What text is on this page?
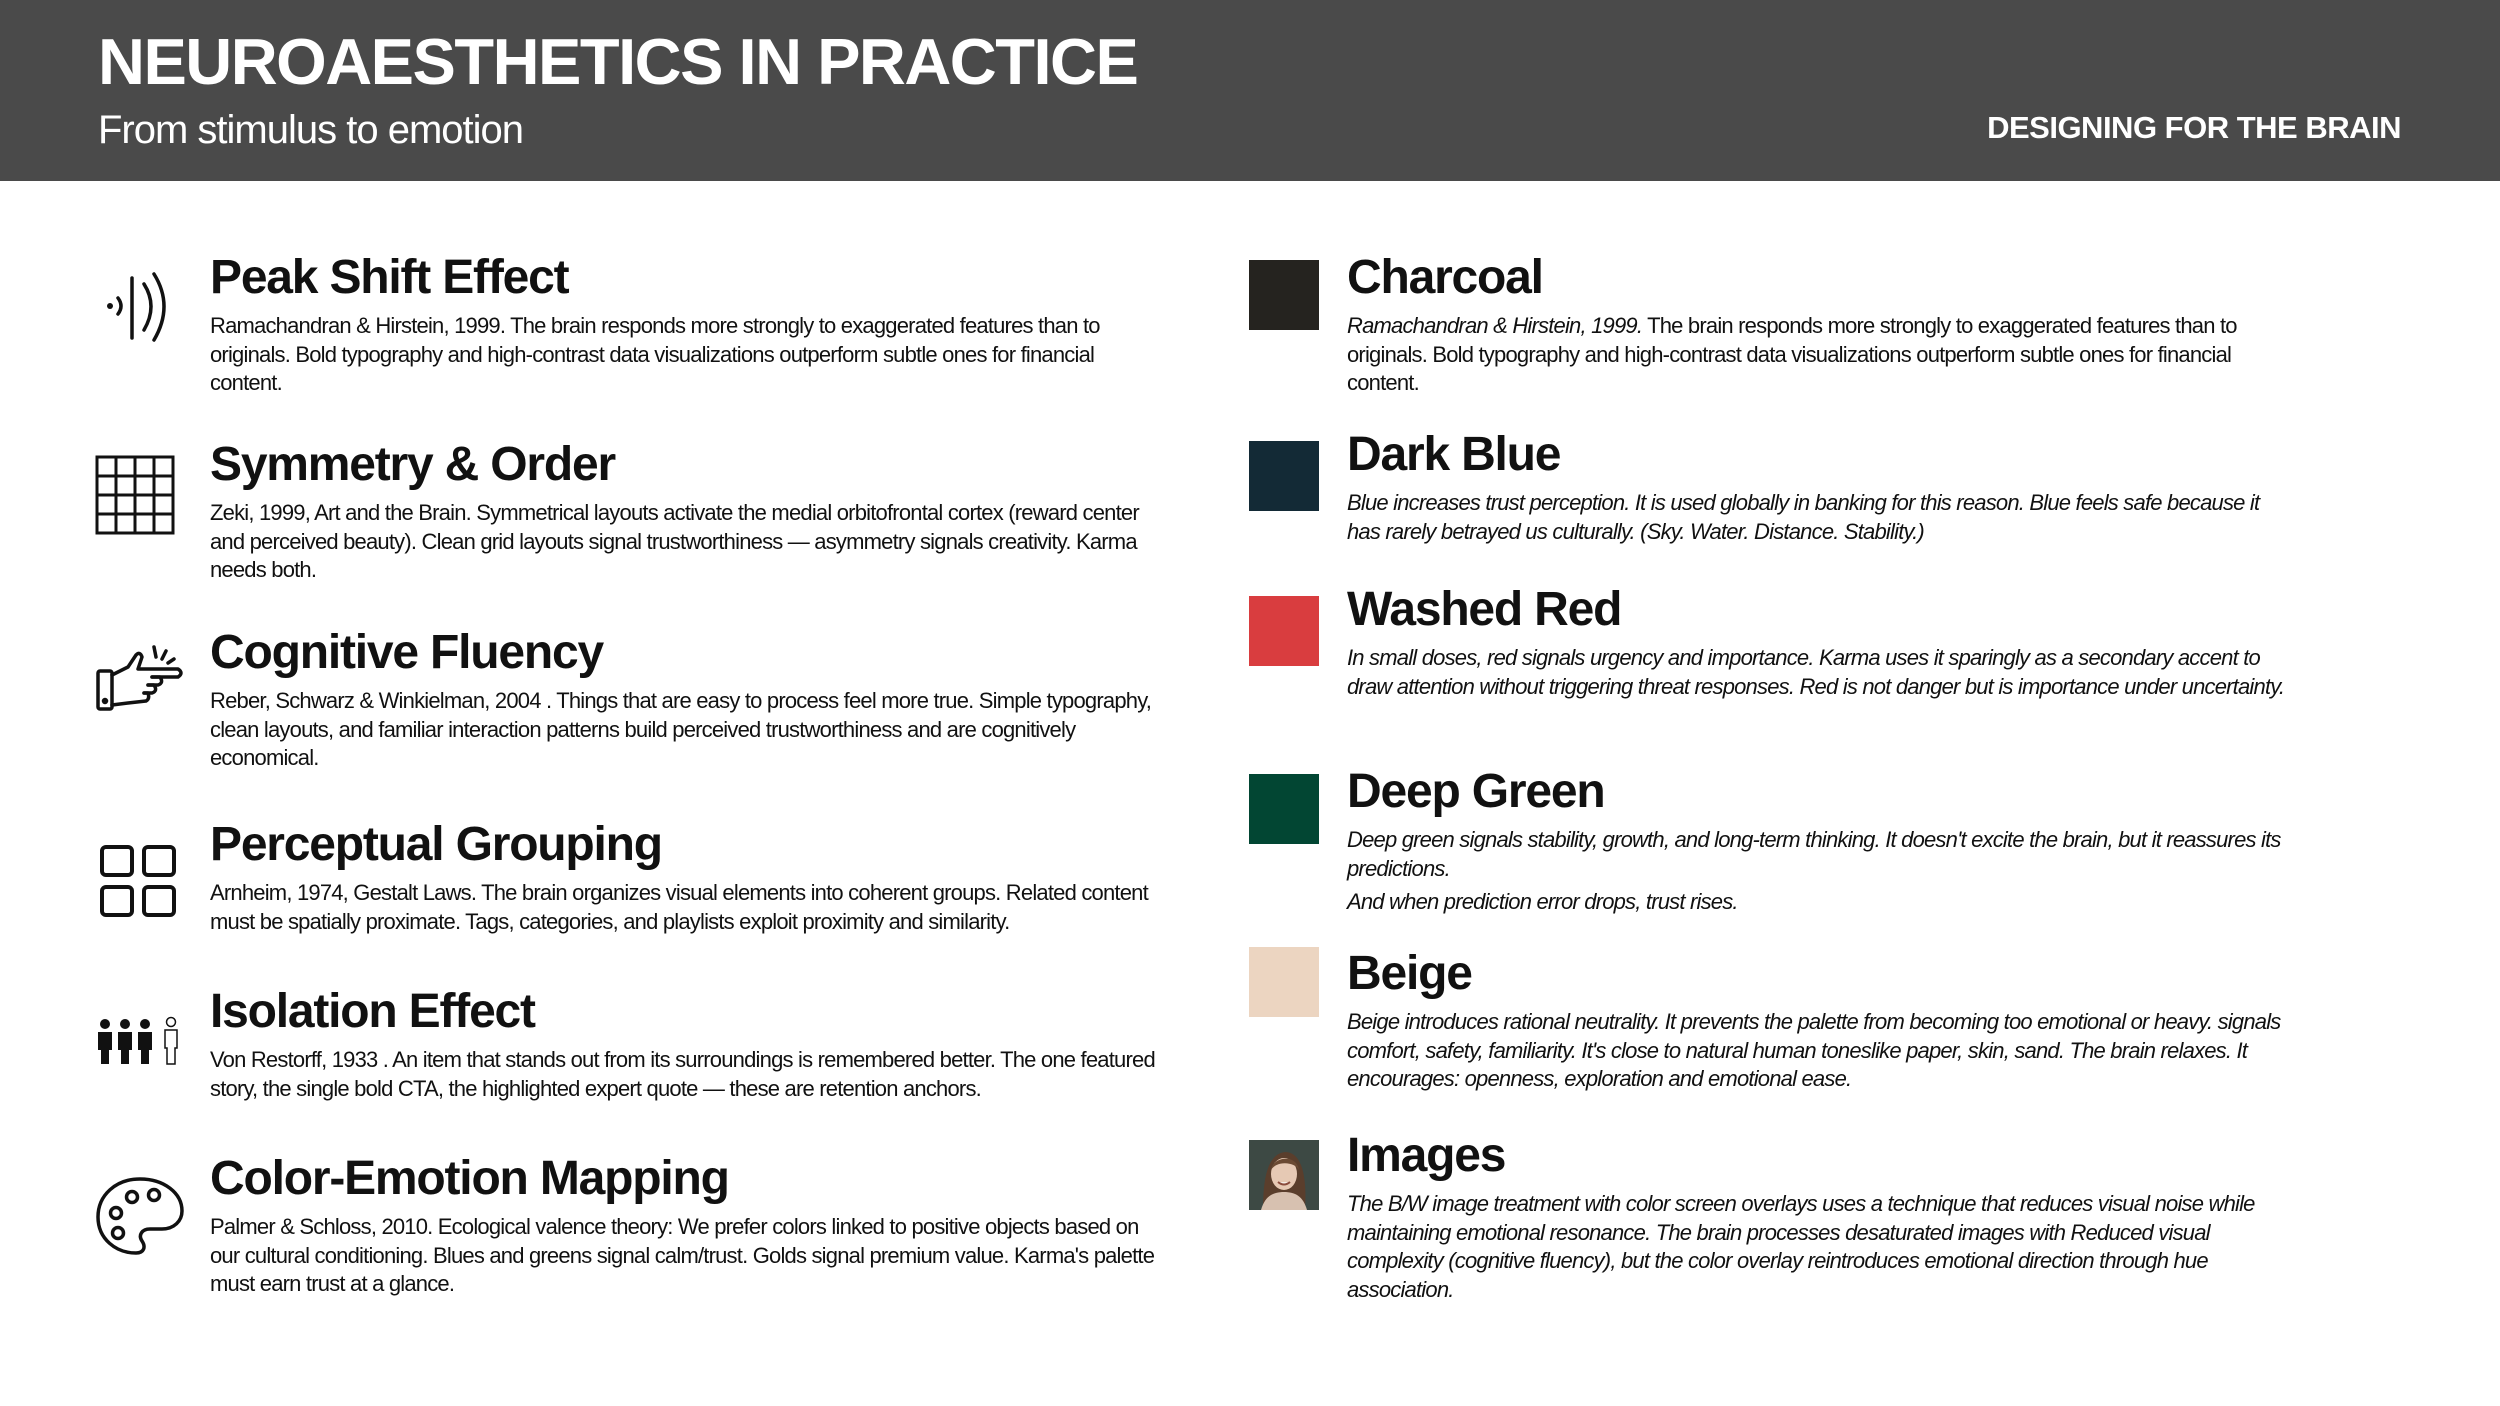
NEUROAESTHETICS IN PRACTICE
From stimulus to emotion	DESIGNING FOR THE BRAIN
Peak Shift Effect

Ramachandran & Hirstein, 1999. The brain responds more strongly to exaggerated features than to originals. Bold typography and high-contrast data visualizations outperform subtle ones for financial content.

Symmetry & Order

Zeki, 1999, Art and the Brain. Symmetrical layouts activate the medial orbitofrontal cortex (reward center and perceived beauty). Clean grid layouts signal trustworthiness — asymmetry signals creativity. Karma needs both.

Cognitive Fluency

Reber, Schwarz & Winkielman, 2004 . Things that are easy to process feel more true. Simple typography, clean layouts, and familiar interaction patterns build perceived trustworthiness and are cognitively economical.

Perceptual Grouping

Arnheim, 1974, Gestalt Laws. The brain organizes visual elements into coherent groups. Related content must be spatially proximate. Tags, categories, and playlists exploit proximity and similarity.

Isolation Effect

Von Restorff, 1933 . An item that stands out from its surroundings is remembered better. The one featured story, the single bold CTA, the highlighted expert quote — these are retention anchors.

Color-Emotion Mapping

Palmer & Schloss, 2010. Ecological valence theory: We prefer colors linked to positive objects based on our cultural conditioning. Blues and greens signal calm/trust. Golds signal premium value. Karma's palette must earn trust at a glance.

Charcoal

Ramachandran & Hirstein, 1999. The brain responds more strongly to exaggerated features than to originals. Bold typography and high-contrast data visualizations outperform subtle ones for financial content.

Dark Blue

Blue increases trust perception. It is used globally in banking for this reason. Blue feels safe because it has rarely betrayed us culturally. (Sky. Water. Distance. Stability.)

Washed Red

In small doses, red signals urgency and importance. Karma uses it sparingly as a secondary accent to draw attention without triggering threat responses. Red is not danger but is importance under uncertainty.

Deep Green

Deep green signals stability, growth, and long-term thinking. It doesn't excite the brain, but it reassures its predictions.

And when prediction error drops, trust rises.

Beige

Beige introduces rational neutrality. It prevents the palette from becoming too emotional or heavy. signals comfort, safety, familiarity. It's close to natural human toneslike paper, skin, sand. The brain relaxes. It encourages: openness, exploration and emotional ease.

Images

The B/W image treatment with color screen overlays uses a technique that reduces visual noise while maintaining emotional resonance. The brain processes desaturated images with Reduced visual complexity (cognitive fluency), but the color overlay reintroduces emotional direction through hue association.
